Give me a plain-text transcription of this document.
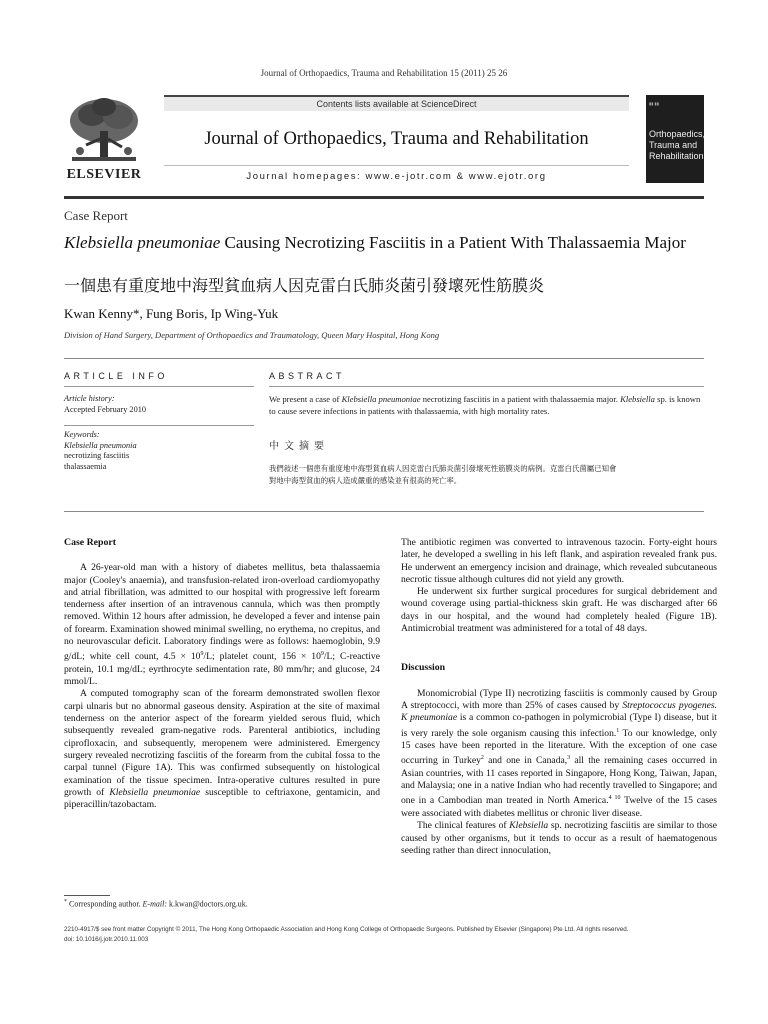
Journal of Orthopaedics, Trauma and Rehabilitation 15 (2011) 25 26
ELSEVIER
Contents lists available at ScienceDirect
Journal of Orthopaedics, Trauma and Rehabilitation
Journal homepages: www.e-jotr.com & www.ejotr.org
▮▮ ▮▮
Orthopaedics,
Trauma and
Rehabilitation
Case Report
Klebsiella pneumoniae Causing Necrotizing Fasciitis in a Patient With Thalassaemia Major
一個患有重度地中海型貧血病人因克雷白氏肺炎菌引發壞死性筋膜炎
Kwan Kenny*, Fung Boris, Ip Wing-Yuk
Division of Hand Surgery, Department of Orthopaedics and Traumatology, Queen Mary Hospital, Hong Kong
ARTICLE INFO
Article history:
Accepted February 2010
Keywords:
Klebsiella pneumonia
necrotizing fasciitis
thalassaemia
ABSTRACT
We present a case of Klebsiella pneumoniae necrotizing fasciitis in a patient with thalassaemia major. Klebsiella sp. is known to cause severe infections in patients with thalassaemia, with high mortality rates.
中文摘要
我們敍述一個患有重度地中海型貧血病人因克雷白氏肺炎菌引發壞死性筋膜炎的病例。克雷白氏菌屬已知會
對地中海型貧血的病人造成嚴重的感染並有很高的死亡率。
Case Report

A 26-year-old man with a history of diabetes mellitus, beta thalassaemia major (Cooley's anaemia), and transfusion-related iron-overload cardiomyopathy and atrial fibrillation, was admitted to our hospital with progressive left forearm tenderness after insertion of an intravenous cannula, which was then promptly removed. Within 12 hours after admission, he developed a fever and intense pain of forearm. Examination showed minimal swelling, no erythema, no crepitus, and no neurovascular deficit. Laboratory findings were as follows: haemoglobin, 9.9 g/dL; white cell count, $4.5 \times 10^9/L$; platelet count, $156 \times 10^9/L$; C-reactive protein, 10.1 mg/dL; eyrthrocyte sedimentation rate, 80 mm/hr; and glucose, 24 mmol/L.

A computed tomography scan of the forearm demonstrated swollen flexor carpi ulnaris but no abnormal gaseous density. Aspiration at the site of maximal tenderness on the anterior aspect of the forearm yielded serous fluid, which subsequently revealed gram-negative rods. Parenteral antibiotics, including ciprofloxacin, and subsequently, meropenem were administered. Emergency surgery revealed necrotizing fasciitis of the forearm from the cubital fossa to the carpal tunnel (Figure 1A). This was confirmed subsequently on histological examination of the tissue specimen. Intra-operative cultures resulted in pure growth of Klebsiella pneumoniae susceptible to ceftriaxone, gentamicin, and piperacillin/tazobactam.

The antibiotic regimen was converted to intravenous tazocin. Forty-eight hours later, he developed a swelling in his left flank, and aspiration revealed frank pus. He underwent an emergency incision and drainage, which revealed subcutaneous necrotic tissue although cultures did not yield any growth.

He underwent six further surgical procedures for surgical debridement and wound coverage using partial-thickness skin graft. He was discharged after 66 days in our hospital, and the wound had completely healed (Figure 1B). Antimicrobial treatment was administered for a total of 48 days.

Discussion

Monomicrobial (Type II) necrotizing fasciitis is commonly caused by Group A streptococci, with more than 25% of cases caused by Streptococcus pyogenes. K pneumoniae is a common co-pathogen in polymicrobial (Type I) disease, but it is very rarely the sole organism causing this infection.$^1$ To our knowledge, only 15 cases have been reported in the literature. With the exception of one case occurring in Turkey$^2$ and one in Canada,$^3$ all the remaining cases occurred in Asian countries, with 11 cases reported in Singapore, Hong Kong, Taiwan, Japan, and Malaysia; one in a native Indian who had recently travelled to Singapore; and one in a Cambodian man treated in North America.$^{4 10}$ Twelve of the 15 cases were associated with diabetes mellitus or chronic liver disease.

The clinical features of Klebsiella sp. necrotizing fasciitis are similar to those caused by other organisms, but it tends to occur as a result of haematogenous seeding rather than direct innoculation,

* Corresponding author. E-mail: k.kwan@doctors.org.uk.
2210-4917/$ see front matter Copyright © 2011, The Hong Kong Orthopaedic Association and Hong Kong College of Orthopaedic Surgeons. Published by Elsevier (Singapore) Pte Ltd. All rights reserved.
doi: 10.1016/j.jotr.2010.11.003
